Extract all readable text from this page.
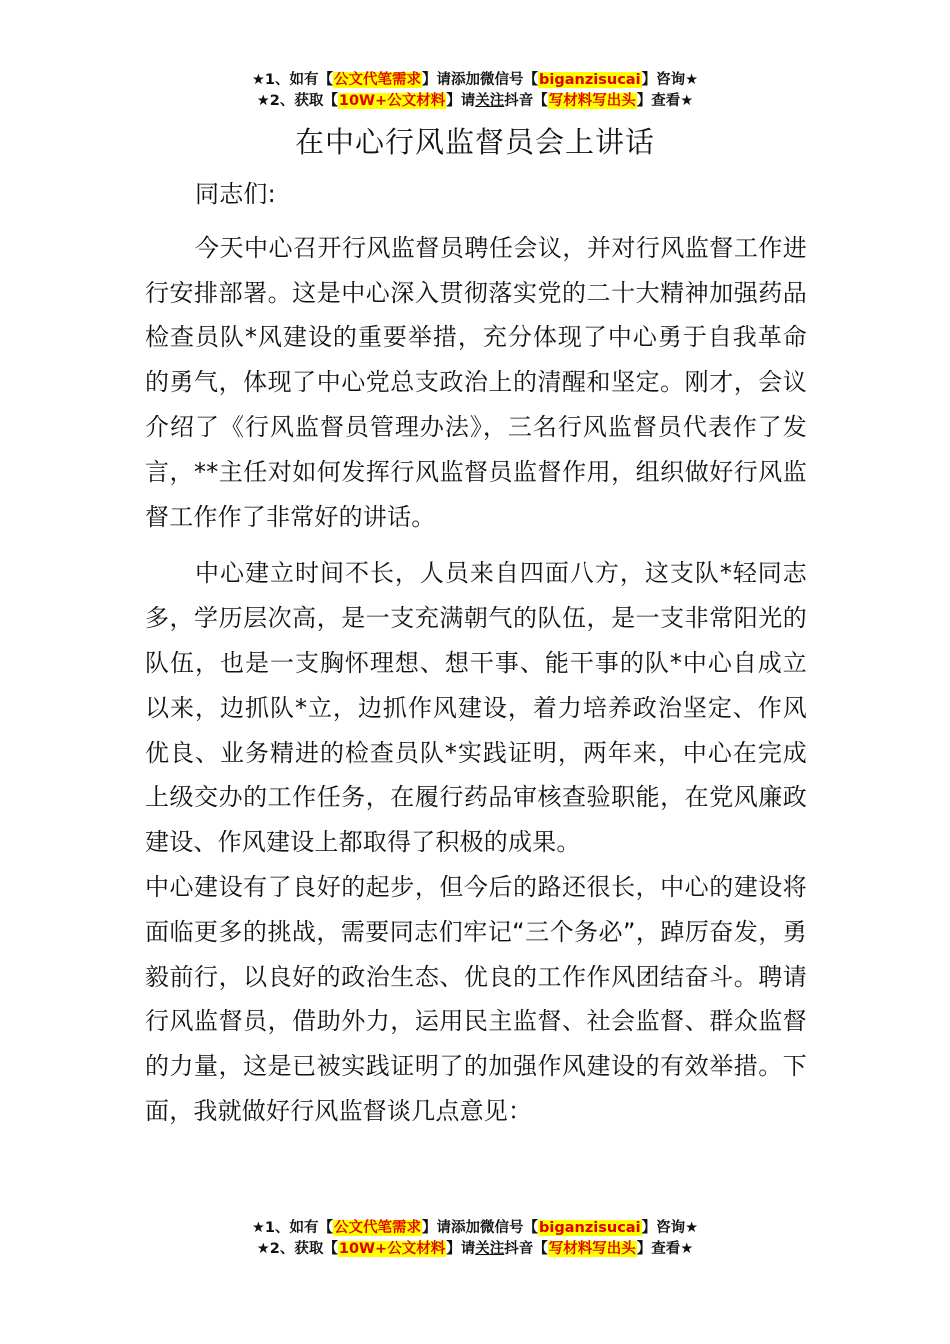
★1、如有【公文代笔需求】请添加微信号【biganzisucai】咨询★
★2、获取【10W+公文材料】请关注抖音【写材料写出头】查看★
在中心行风监督员会上讲话

同志们:

今天中心召开行风监督员聘任会议，并对行风监督工作进行安排部署。这是中心深入贯彻落实党的二十大精神加强药品检查员队*风建设的重要举措，充分体现了中心勇于自我革命的勇气，体现了中心党总支政治上的清醒和坚定。刚才，会议介绍了《行风监督员管理办法》，三名行风监督员代表作了发言，**主任对如何发挥行风监督员监督作用，组织做好行风监督工作作了非常好的讲话。

中心建立时间不长，人员来自四面八方，这支队*轻同志多，学历层次高，是一支充满朝气的队伍，是一支非常阳光的队伍，也是一支胸怀理想、想干事、能干事的队*中心自成立以来，边抓队*立，边抓作风建设，着力培养政治坚定、作风优良、业务精进的检查员队*实践证明，两年来，中心在完成上级交办的工作任务，在履行药品审核查验职能，在党风廉政建设、作风建设上都取得了积极的成果。

中心建设有了良好的起步，但今后的路还很长，中心的建设将面临更多的挑战，需要同志们牢记“三个务必”，踔厉奋发，勇毅前行，以良好的政治生态、优良的工作作风团结奋斗。聘请行风监督员，借助外力，运用民主监督、社会监督、群众监督的力量，这是已被实践证明了的加强作风建设的有效举措。下面，我就做好行风监督谈几点意见：

★1、如有【公文代笔需求】请添加微信号【biganzisucai】咨询★
★2、获取【10W+公文材料】请关注抖音【写材料写出头】查看★
